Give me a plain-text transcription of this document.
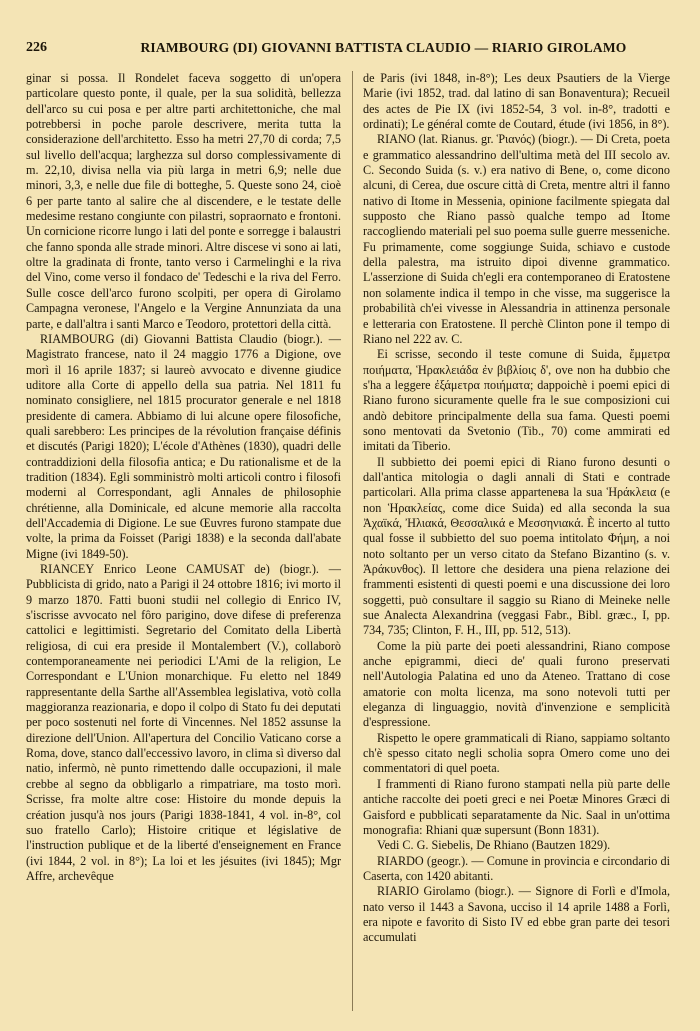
226	RIAMBOURG (DI) GIOVANNI BATTISTA CLAUDIO — RIARIO GIROLAMO

ginar si possa. Il Rondelet faceva soggetto di un'opera particolare questo ponte, il quale, per la sua solidità, bellezza dell'arco su cui posa e per altre parti architettoniche, che mal potrebbersi in poche parole descrivere, merita tutta la considerazione dell'architetto. Esso ha metri 27,70 di corda; 7,5 sul livello dell'acqua; larghezza sul dorso complessivamente di m. 22,10, divisa nella via più larga in metri 6,9; nelle due minori, 3,3, e nelle due file di botteghe, 5. Queste sono 24, cioè 6 per parte tanto al salire che al discendere, e le testate delle medesime restano congiunte con pilastri, sopraornato e frontoni. Un cornicione ricorre lungo i lati del ponte e sorregge i balaustri che fanno sponda alle strade minori. Altre discese vi sono ai lati, oltre la gradinata di fronte, tanto verso i Carmelinghi e la riva del Vino, come verso il fondaco de' Tedeschi e la riva del Ferro. Sulle cosce dell'arco furono scolpiti, per opera di Girolamo Campagna veronese, l'Angelo e la Vergine Annunziata da una parte, e dall'altra i santi Marco e Teodoro, protettori della città.

RIAMBOURG (di) Giovanni Battista Claudio (biogr.). — Magistrato francese, nato il 24 maggio 1776 a Digione, ove morì il 16 aprile 1837; si laureò avvocato e divenne giudice uditore alla Corte di appello della sua patria. Nel 1811 fu nominato consigliere, nel 1815 procurator generale e nel 1818 presidente di camera. Abbiamo di lui alcune opere filosofiche, quali sarebbero: Les principes de la révolution française définis et discutés (Parigi 1820); L'école d'Athènes (1830), quadri delle contraddizioni della filosofia antica; e Du rationalisme et de la tradition (1834). Egli somministrò molti articoli contro i filosofi moderni al Correspondant, agli Annales de philosophie chrétienne, alla Dominicale, ed alcune memorie alla raccolta dell'Accademia di Digione. Le sue Œuvres furono stampate due volte, la prima da Foisset (Parigi 1838) e la seconda dall'abate Migne (ivi 1849-50).

RIANCEY Enrico Leone CAMUSAT de) (biogr.). — Pubblicista di grido, nato a Parigi il 24 ottobre 1816; ivi morto il 9 marzo 1870. Fatti buoni studii nel collegio di Enrico IV, s'iscrisse avvocato nel fôro parigino, dove difese di preferenza cattolici e legittimisti. Segretario del Comitato della Libertà religiosa, di cui era preside il Montalembert (V.), collaborò contemporaneamente nei periodici L'Ami de la religion, Le Correspondant e L'Union monarchique. Fu eletto nel 1849 rappresentante della Sarthe all'Assemblea legislativa, votò colla maggioranza reazionaria, e dopo il colpo di Stato fu dei deputati per poco sostenuti nel forte di Vincennes. Nel 1852 assunse la direzione dell'Union. All'apertura del Concilio Vaticano corse a Roma, dove, stanco dall'eccessivo lavoro, in clima sì diverso dal natio, infermò, nè punto rimettendo dalle occupazioni, il male crebbe al segno da obbligarlo a rimpatriare, ma tosto morì. Scrisse, fra molte altre cose: Histoire du monde depuis la création jusqu'à nos jours (Parigi 1838-1841, 4 vol. in-8°, col suo fratello Carlo); Histoire critique et législative de l'instruction publique et de la liberté d'enseignement en France (ivi 1844, 2 vol. in 8°); La loi et les jésuites (ivi 1845); Mgr Affre, archevêque

de Paris (ivi 1848, in-8°); Les deux Psautiers de la Vierge Marie (ivi 1852, trad. dal latino di san Bonaventura); Recueil des actes de Pie IX (ivi 1852-54, 3 vol. in-8°, tradotti e ordinati); Le général comte de Coutard, étude (ivi 1856, in 8°).

RIANO (lat. Rianus. gr. Ῥιανός) (biogr.). — Di Creta, poeta e grammatico alessandrino dell'ultima metà del III secolo av. C. Secondo Suida (s. v.) era nativo di Bene, o, come dicono alcuni, di Cerea, due oscure città di Creta, mentre altri il fanno nativo di Itome in Messenia, opinione facilmente spiegata dal supposto che Riano passò qualche tempo ad Itome raccogliendo materiali pel suo poema sulle guerre messeniche. Fu primamente, come soggiunge Suida, schiavo e custode della palestra, ma istruito dipoi divenne grammatico. L'asserzione di Suida ch'egli era contemporaneo di Eratostene non solamente indica il tempo in che visse, ma suggerisce la probabilità ch'ei vivesse in Alessandria in attinenza personale e letteraria con Eratostene. Il perchè Clinton pone il tempo di Riano nel 222 av. C.

Ei scrisse, secondo il teste comune di Suida, ἔμμετρα ποιήματα, Ἡρακλειάδα ἐν βιβλίοις δ', ove non ha dubbio che s'ha a leggere ἐξάμετρα ποιήματα; dappoichè i poemi epici di Riano furono sicuramente quelle fra le sue composizioni cui andò debitore principalmente della sua fama. Questi poemi sono mentovati da Svetonio (Tib., 70) come ammirati ed imitati da Tiberio.

Il subbietto dei poemi epici di Riano furono desunti o dall'antica mitologia o dagli annali di Stati e contrade particolari. Alla prima classe appartenева la sua Ἡράκλεια (e non Ἡρακλείας, come dice Suida) ed alla seconda la sua Ἀχαϊκά, Ἠλιακά, Θεσσαλικά e Μεσσηνιακά. È incerto al tutto qual fosse il subbietto del suo poema intitolato Φήμη, a noi noto soltanto per un verso citato da Stefano Bizantino (s. v. Ἀράκυνθος). Il lettore che desidera una piena relazione dei frammenti esistenti di questi poemi e una discussione dei loro soggetti, può consultare il saggio su Riano di Meineke nelle sue Analecta Alexandrina (veggasi Fabr., Bibl. græc., I, pp. 734, 735; Clinton, F. H., III, pp. 512, 513).

Come la più parte dei poeti alessandrini, Riano compose anche epigrammi, dieci de' quali furono preservati nell'Autologia Palatina ed uno da Ateneo. Trattano di cose amatorie con molta licenza, ma sono notevoli tutti per eleganza di linguaggio, novità d'invenzione e semplicità d'espressione.

Rispetto le opere grammaticali di Riano, sappiamo soltanto ch'è spesso citato negli scholia sopra Omero come uno dei commentatori di quel poeta.

I frammenti di Riano furono stampati nella più parte delle antiche raccolte dei poeti greci e nei Poetæ Minores Græci di Gaisford e pubblicati separatamente da Nic. Saal in un'ottima monografia: Rhiani quæ supersunt (Bonn 1831).

Vedi C. G. Siebelis, De Rhiano (Bautzen 1829).

RIARDO (geogr.). — Comune in provincia e circondario di Caserta, con 1420 abitanti.

RIARIO Girolamo (biogr.). — Signore di Forlì e d'Imola, nato verso il 1443 a Savona, ucciso il 14 aprile 1488 a Forlì, era nipote e favorito di Sisto IV ed ebbe gran parte dei tesori accumulati
